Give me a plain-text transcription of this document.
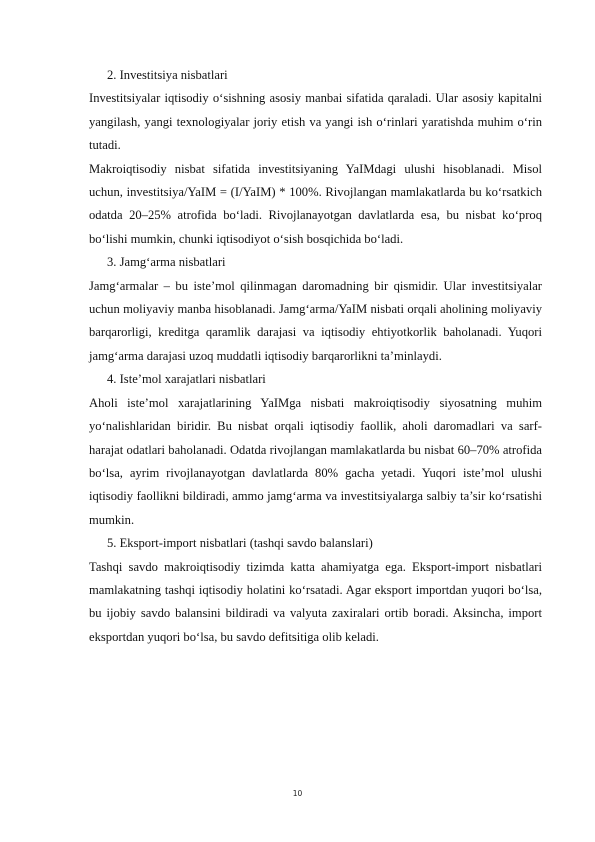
2. Investitsiya nisbatlari

Investitsiyalar iqtisodiy o‘sishning asosiy manbai sifatida qaraladi. Ular asosiy kapitalni yangilash, yangi texnologiyalar joriy etish va yangi ish o‘rinlari yaratishda muhim o‘rin tutadi.

Makroiqtisodiy nisbat sifatida investitsiyaning YaIMdagi ulushi hisoblanadi. Misol uchun, investitsiya/YaIM = (I/YaIM) * 100%. Rivojlangan mamlakatlarda bu ko‘rsatkich odatda 20–25% atrofida bo‘ladi. Rivojlanayotgan davlatlarda esa, bu nisbat ko‘proq bo‘lishi mumkin, chunki iqtisodiyot o‘sish bosqichida bo‘ladi.

3. Jamg‘arma nisbatlari

Jamg‘armalar – bu iste’mol qilinmagan daromadning bir qismidir. Ular investitsiyalar uchun moliyaviy manba hisoblanadi. Jamg‘arma/YaIM nisbati orqali aholining moliyaviy barqarorligi, kreditga qaramlik darajasi va iqtisodiy ehtiyotkorlik baholanadi. Yuqori jamg‘arma darajasi uzoq muddatli iqtisodiy barqarorlikni ta’minlaydi.

4. Iste’mol xarajatlari nisbatlari

Aholi iste’mol xarajatlarining YaIMga nisbati makroiqtisodiy siyosatning muhim yo‘nalishlaridan biridir. Bu nisbat orqali iqtisodiy faollik, aholi daromadlari va sarf-harajat odatlari baholanadi. Odatda rivojlangan mamlakatlarda bu nisbat 60–70% atrofida bo‘lsa, ayrim rivojlanayotgan davlatlarda 80% gacha yetadi. Yuqori iste’mol ulushi iqtisodiy faollikni bildiradi, ammo jamg‘arma va investitsiyalarga salbiy ta’sir ko‘rsatishi mumkin.

5. Eksport-import nisbatlari (tashqi savdo balanslari)

Tashqi savdo makroiqtisodiy tizimda katta ahamiyatga ega. Eksport-import nisbatlari mamlakatning tashqi iqtisodiy holatini ko‘rsatadi. Agar eksport importdan yuqori bo‘lsa, bu ijobiy savdo balansini bildiradi va valyuta zaxiralari ortib boradi. Aksincha, import eksportdan yuqori bo‘lsa, bu savdo defitsitiga olib keladi.

10
